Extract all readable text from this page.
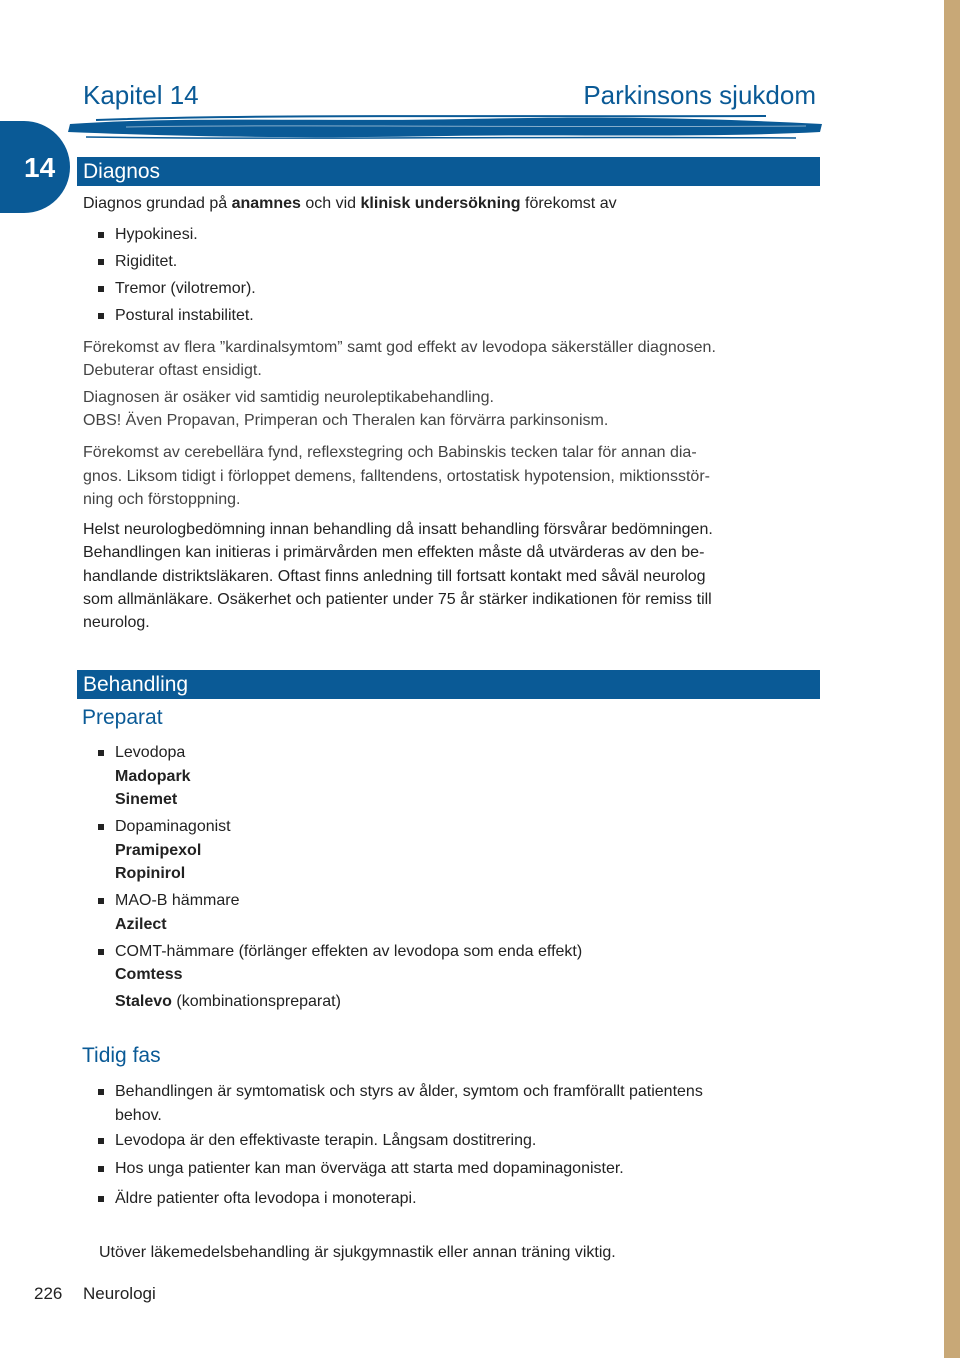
14
Kapitel 14	Parkinsons sjukdom
Diagnos
Diagnos grundad på anamnes och vid klinisk undersökning förekomst av
Hypokinesi.
Rigiditet.
Tremor (vilotremor).
Postural instabilitet.
Förekomst av flera ”kardinalsymtom” samt god effekt av levodopa säkerställer diagnosen.
Debuterar oftast ensidigt.
Diagnosen är osäker vid samtidig neuroleptikabehandling.
OBS! Även Propavan, Primperan och Theralen kan förvärra parkinsonism.
Förekomst av cerebellära fynd, reflexstegring och Babinskis tecken talar för annan dia-
gnos. Liksom tidigt i förloppet demens, falltendens, ortostatisk hypotension, miktionsstör-
ning och förstoppning.
Helst neurologbedömning innan behandling då insatt behandling försvårar bedömningen.
Behandlingen kan initieras i primärvården men effekten måste då utvärderas av den be-
handlande distriktsläkaren. Oftast finns anledning till fortsatt kontakt med såväl neurolog
som allmänläkare. Osäkerhet och patienter under 75 år stärker indikationen för remiss till
neurolog.
Behandling
Preparat
Levodopa
Madopark
Sinemet
Dopaminagonist
Pramipexol
Ropinirol
MAO-B hämmare
Azilect
COMT-hämmare (förlänger effekten av levodopa som enda effekt)
Comtess
Stalevo (kombinationspreparat)
Tidig fas
Behandlingen är symtomatisk och styrs av ålder, symtom och framförallt patientens
behov.
Levodopa är den effektivaste terapin. Långsam dostitrering.
Hos unga patienter kan man överväga att starta med dopaminagonister.
Äldre patienter ofta levodopa i monoterapi.
Utöver läkemedelsbehandling är sjukgymnastik eller annan träning viktig.
226 Neurologi
